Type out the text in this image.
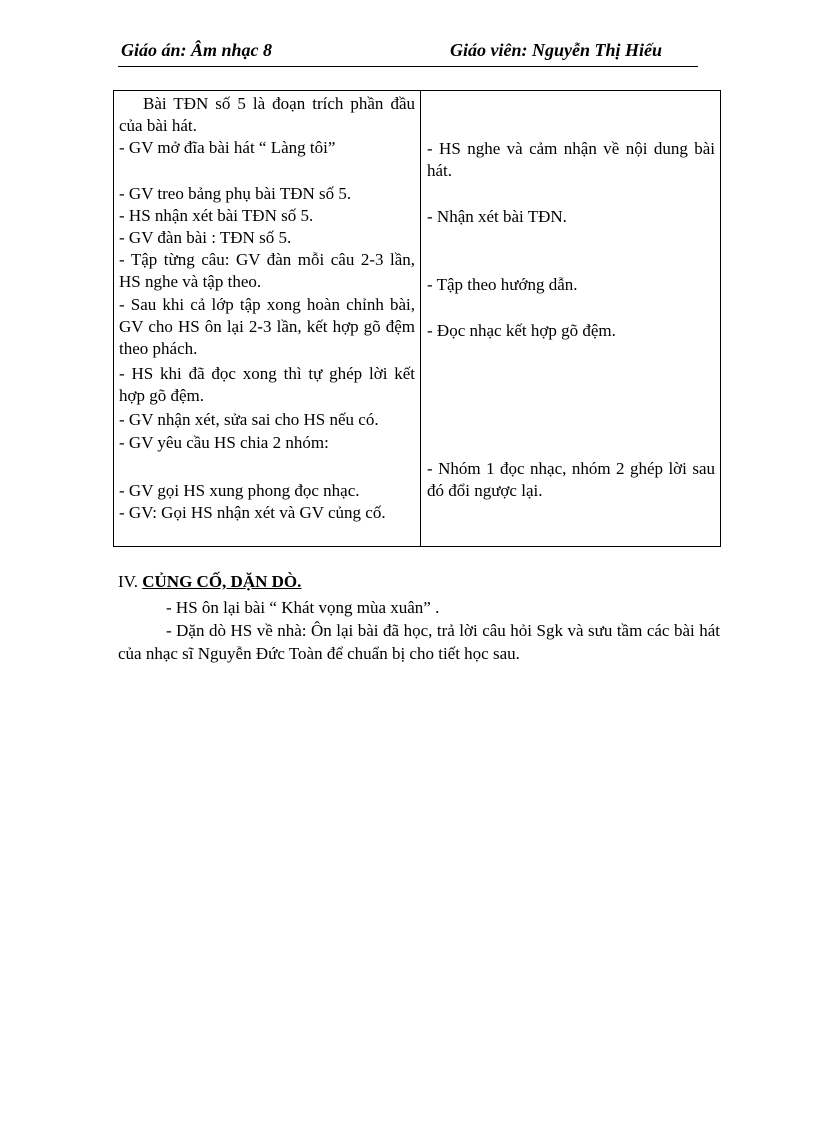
Giáo án: Âm nhạc 8	Giáo viên: Nguyễn Thị Hiếu
Bài TĐN số 5 là đoạn trích phần đầu của bài hát.
- GV mở đĩa bài hát “ Làng tôi”
- GV treo bảng phụ bài TĐN số 5.
- HS nhận xét bài TĐN số 5.
- GV đàn bài : TĐN số 5.
- Tập từng câu: GV đàn mỗi câu 2-3 lần, HS nghe và tập theo.
- Sau khi cả lớp tập xong hoàn chỉnh bài, GV cho HS ôn lại 2-3 lần, kết hợp gõ đệm theo phách.
- HS khi đã đọc xong thì tự ghép lời kết hợp gõ đệm.
- GV nhận xét, sửa sai cho HS nếu có.
- GV yêu cầu HS chia 2 nhóm:
- GV gọi HS xung phong đọc nhạc.
- GV: Gọi HS nhận xét và GV củng cố.
- HS nghe và cảm nhận về nội dung bài hát.
- Nhận xét bài TĐN.
- Tập theo hướng dẫn.
- Đọc nhạc kết hợp gõ đệm.
- Nhóm 1 đọc nhạc, nhóm 2 ghép lời sau đó đổi ngược lại.
IV. CỦNG CỐ, DẶN DÒ.
- HS ôn lại bài “ Khát vọng mùa xuân” .
- Dặn dò HS về nhà: Ôn lại bài đã học, trả lời câu hỏi Sgk và sưu tầm các bài hát của nhạc sĩ Nguyễn Đức Toàn để chuẩn bị cho tiết học sau.
